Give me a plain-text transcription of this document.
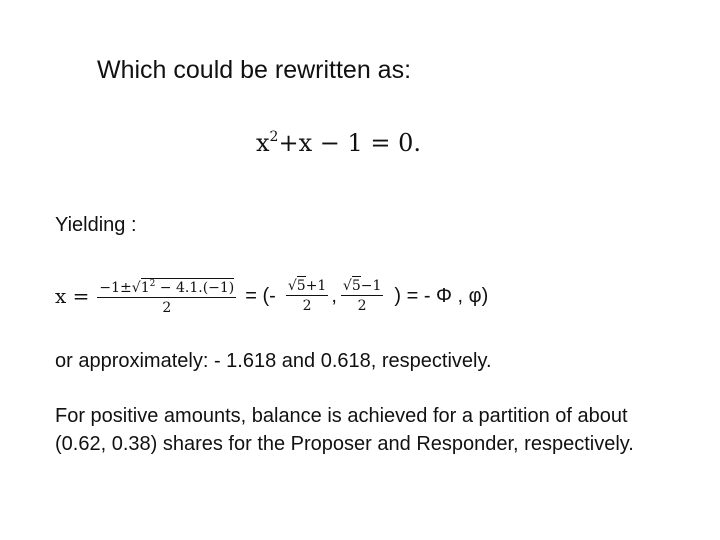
Which could be rewritten as:
$x^2+x - 1 = 0$.
Yielding :
$x = \frac{-1\pm√1^2 - 4.1.(-1)}{2}$ = (- $\frac{√5+1}{2}$ , $\frac{√5-1}{2}$ ) = - Φ , φ)
or approximately: - 1.618 and 0.618, respectively.
For positive amounts, balance is achieved for a partition of about
(0.62, 0.38) shares for the Proposer and Responder, respectively.
